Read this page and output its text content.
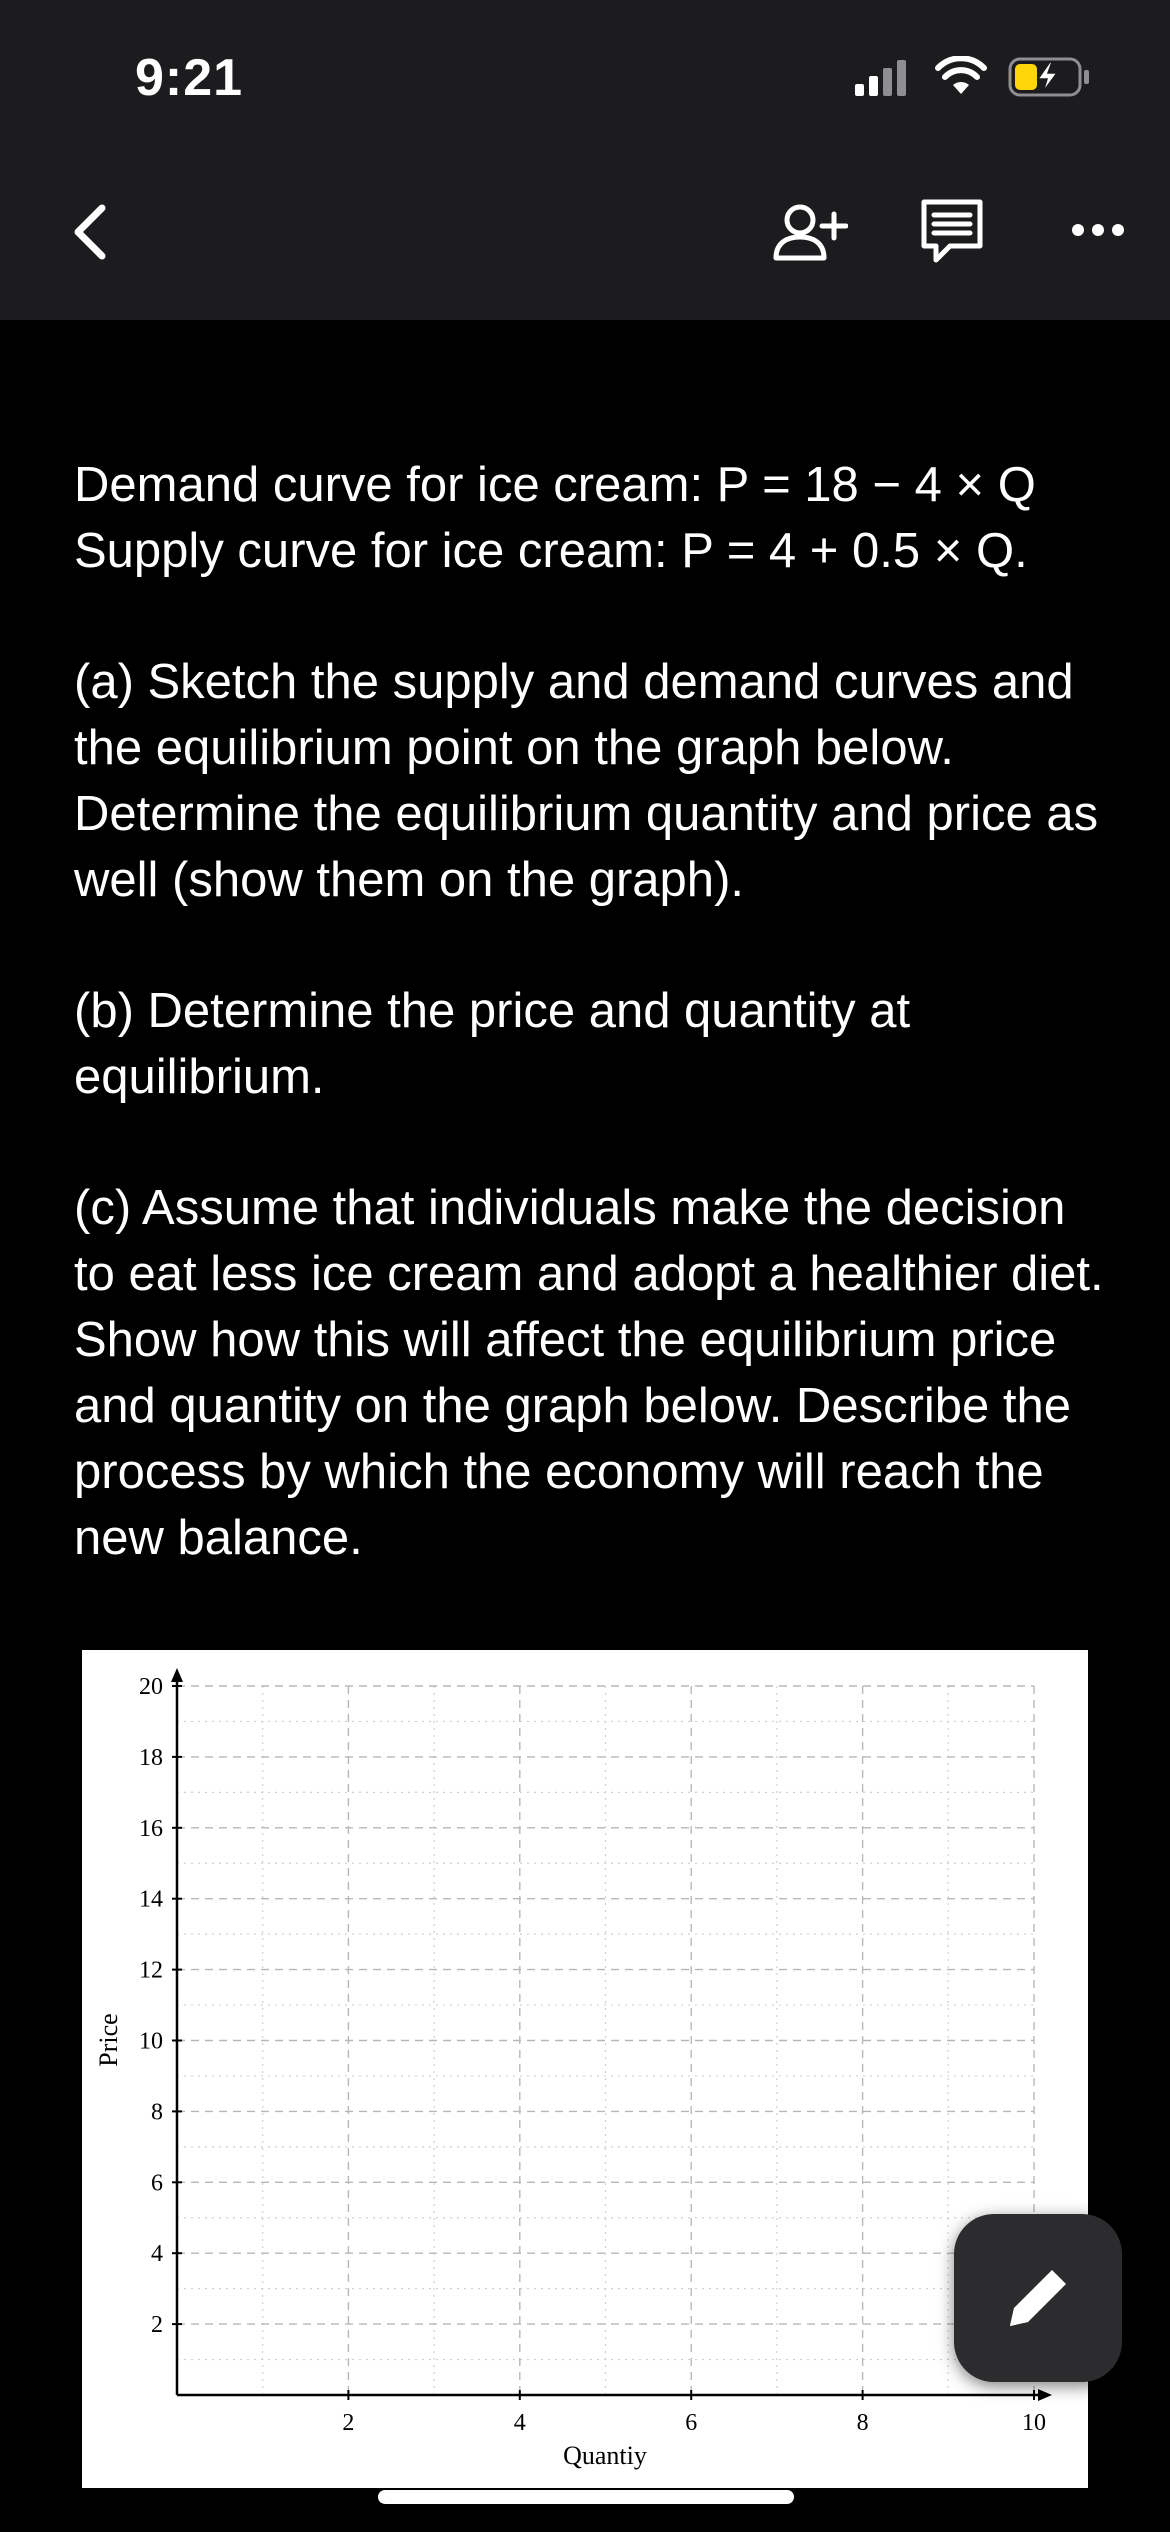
9:21

Demand curve for ice cream: P = 18 − 4 × Q
Supply curve for ice cream: P = 4 + 0.5 × Q.

(a) Sketch the supply and demand curves and the equilibrium point on the graph below. Determine the equilibrium quantity and price as well (show them on the graph).

(b) Determine the price and quantity at equilibrium.

(c) Assume that individuals make the decision to eat less ice cream and adopt a healthier diet. Show how this will affect the equilibrium price and quantity on the graph below. Describe the process by which the economy will reach the new balance.

2	4	6	8	10
2
4
6
8
10
12
14
16
18
20
Quantiy
Price
